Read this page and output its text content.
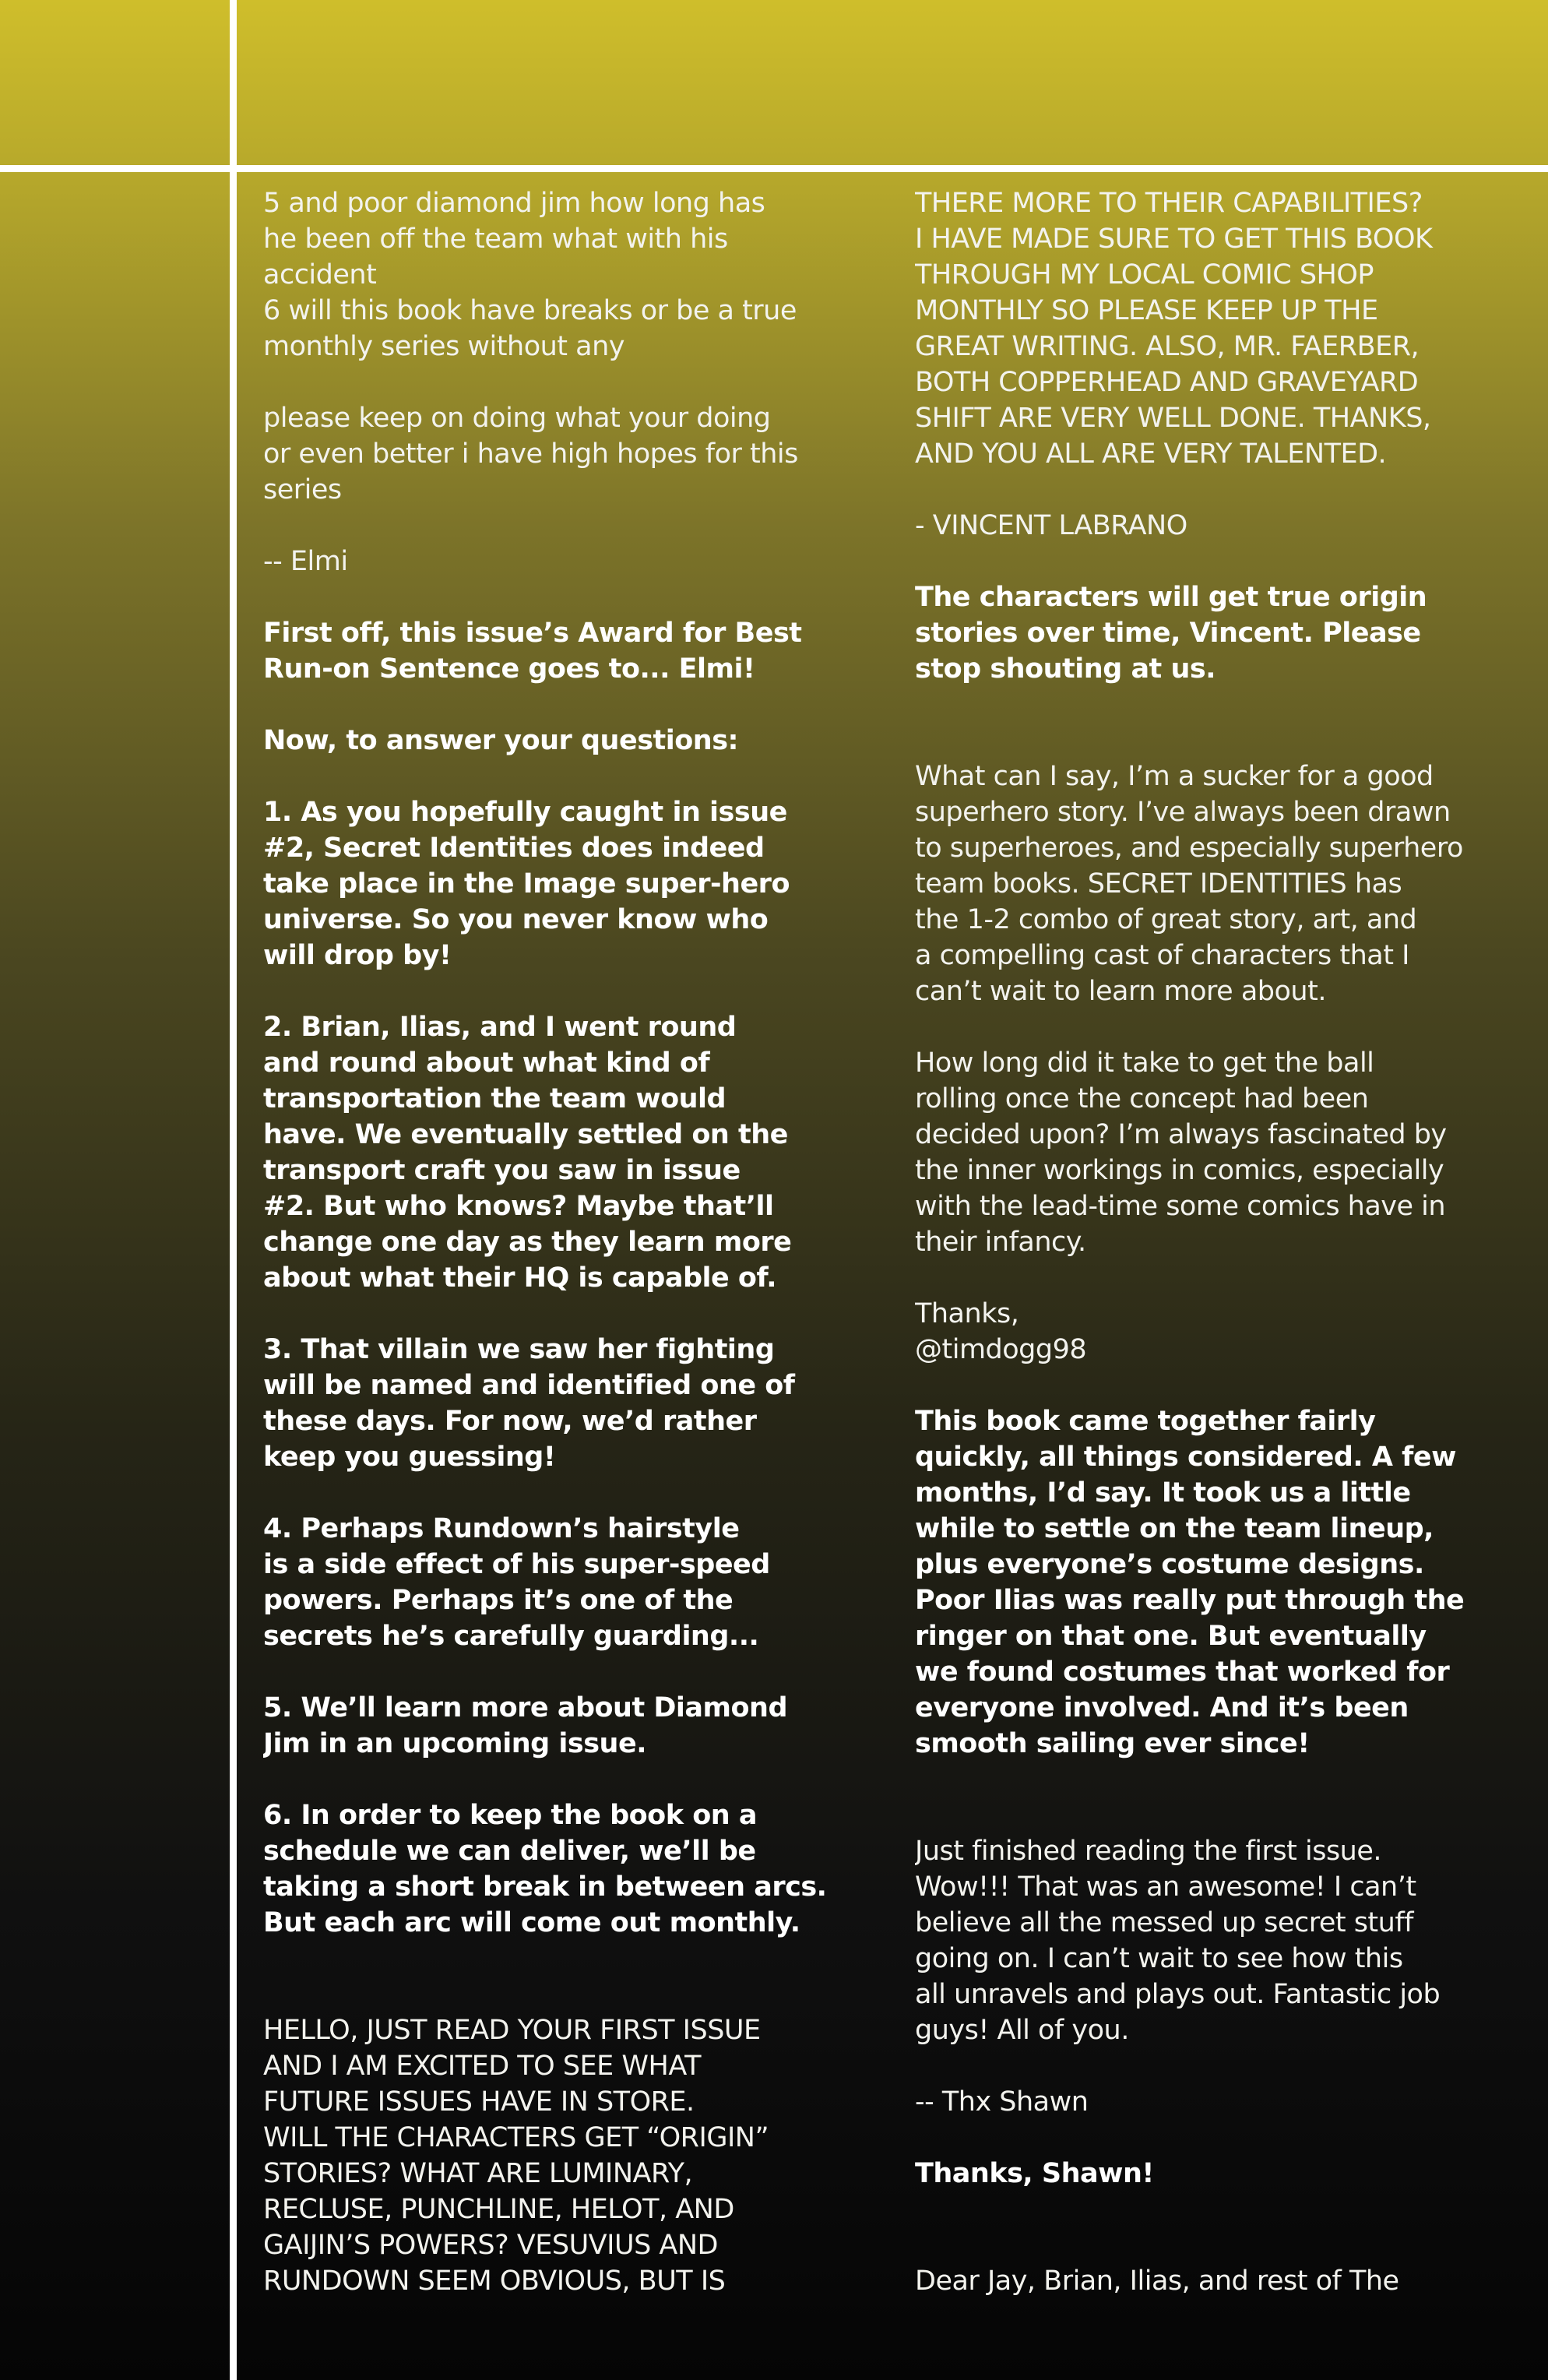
5 and poor diamond jim how long has
he been off the team what with his
accident
6 will this book have breaks or be a true
monthly series without any

please keep on doing what your doing
or even better i have high hopes for this
series

-- Elmi

First off, this issue’s Award for Best
Run-on Sentence goes to... Elmi!

Now, to answer your questions:

1. As you hopefully caught in issue
#2, Secret Identities does indeed
take place in the Image super-hero
universe. So you never know who
will drop by!

2. Brian, Ilias, and I went round
and round about what kind of
transportation the team would
have. We eventually settled on the
transport craft you saw in issue
#2. But who knows? Maybe that’ll
change one day as they learn more
about what their HQ is capable of.

3. That villain we saw her fighting
will be named and identified one of
these days. For now, we’d rather
keep you guessing!

4. Perhaps Rundown’s hairstyle
is a side effect of his super-speed
powers. Perhaps it’s one of the
secrets he’s carefully guarding...

5. We’ll learn more about Diamond
Jim in an upcoming issue.

6. In order to keep the book on a
schedule we can deliver, we’ll be
taking a short break in between arcs.
But each arc will come out monthly.

HELLO, JUST READ YOUR FIRST ISSUE
AND I AM EXCITED TO SEE WHAT
FUTURE ISSUES HAVE IN STORE.
WILL THE CHARACTERS GET “ORIGIN”
STORIES? WHAT ARE LUMINARY,
RECLUSE, PUNCHLINE, HELOT, AND
GAIJIN’S POWERS? VESUVIUS AND
RUNDOWN SEEM OBVIOUS, BUT IS

THERE MORE TO THEIR CAPABILITIES?
I HAVE MADE SURE TO GET THIS BOOK
THROUGH MY LOCAL COMIC SHOP
MONTHLY SO PLEASE KEEP UP THE
GREAT WRITING. ALSO, MR. FAERBER,
BOTH COPPERHEAD AND GRAVEYARD
SHIFT ARE VERY WELL DONE. THANKS,
AND YOU ALL ARE VERY TALENTED.

- VINCENT LABRANO

The characters will get true origin
stories over time, Vincent. Please
stop shouting at us.

What can I say, I’m a sucker for a good
superhero story. I’ve always been drawn
to superheroes, and especially superhero
team books. SECRET IDENTITIES has
the 1-2 combo of great story, art, and
a compelling cast of characters that I
can’t wait to learn more about.

How long did it take to get the ball
rolling once the concept had been
decided upon? I’m always fascinated by
the inner workings in comics, especially
with the lead-time some comics have in
their infancy.

Thanks,
@timdogg98

This book came together fairly
quickly, all things considered. A few
months, I’d say. It took us a little
while to settle on the team lineup,
plus everyone’s costume designs.
Poor Ilias was really put through the
ringer on that one. But eventually
we found costumes that worked for
everyone involved. And it’s been
smooth sailing ever since!

Just finished reading the first issue.
Wow!!! That was an awesome! I can’t
believe all the messed up secret stuff
going on. I can’t wait to see how this
all unravels and plays out. Fantastic job
guys! All of you.

-- Thx Shawn

Thanks, Shawn!

Dear Jay, Brian, Ilias, and rest of The
